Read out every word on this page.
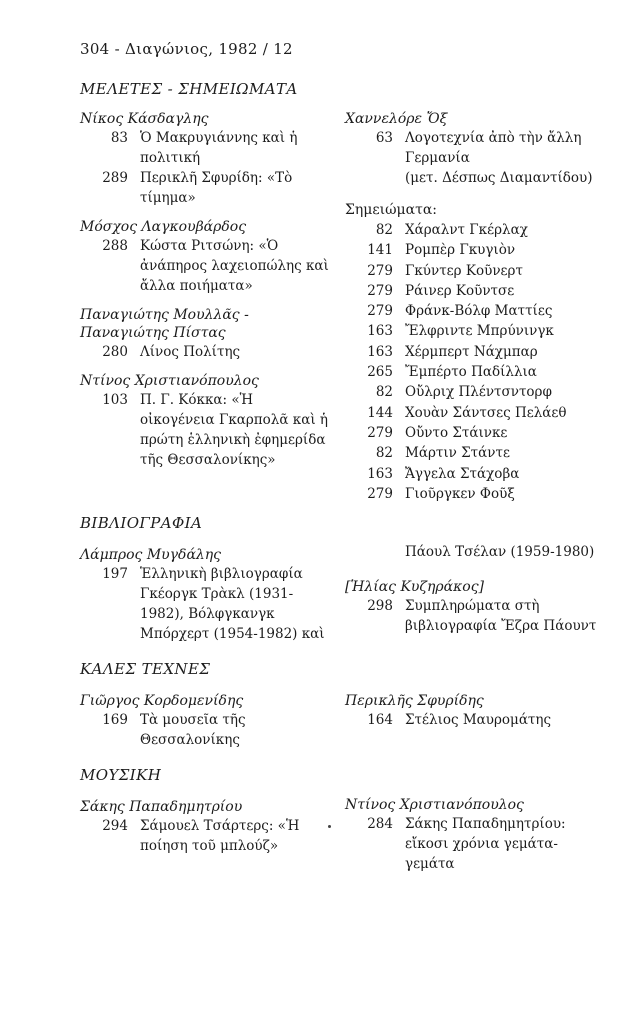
304 - Διαγώνιος, 1982 / 12
ΜΕΛΕΤΕΣ - ΣΗΜΕΙΩΜΑΤΑ
Νίκος Κάσδαγλης
83 Ὁ Μακρυγιάννης καὶ ἡ πολιτική
289 Περικλῆ Σφυρίδη: «Τὸ τίμημα»
Μόσχος Λαγκουβάρδος
288 Κώστα Ριτσώνη: «Ὁ ἀνάπηρος λαχειοπώλης καὶ ἄλλα ποιήματα»
Παναγιώτης Μουλλᾶς - Παναγιώτης Πίστας
280 Λίνος Πολίτης
Ντίνος Χριστιανόπουλος
103 Π. Γ. Κόκκα: «Ἡ οἰκογένεια Γκαρπολᾶ καὶ ἡ πρώτη ἑλληνικὴ ἐφημερίδα τῆς Θεσσαλονίκης»
Χαννελόρε Ὄξ
63 Λογοτεχνία ἀπὸ τὴν ἄλλη Γερμανία
(μετ. Δέσπως Διαμαντίδου)
Σημειώματα:
82 Χάραλντ Γκέρλαχ
141 Ρομπὲρ Γκυγιὸν
279 Γκύντερ Κοῦνερτ
279 Ράινερ Κοῦντσε
279 Φράνκ-Βόλφ Ματτίες
163 Ἔλφριντε Μπρύνινγκ
163 Χέρμπερτ Νάχμπαρ
265 Ἔμπέρτο Παδίλλια
82 Οὔλριχ Πλέντσντορφ
144 Χουὰν Σάντσες Πελάεθ
279 Οὔντο Στάινκε
82 Μάρτιν Στάντε
163 Ἄγγελα Στάχοβα
279 Γιοῦργκεν Φοῦξ
ΒΙΒΛΙΟΓΡΑΦΙΑ
Λάμπρος Μυγδάλης
197 Ἑλληνικὴ βιβλιογραφία Γκέοργκ Τρὰκλ (1931-1982), Βόλφγκανγκ Μπόρχερτ (1954-1982) καὶ
Πάουλ Τσέλαν (1959-1980)
[Ἡλίας Κυζηράκος]
298 Συμπληρώματα στὴ βιβλιογραφία Ἔζρα Πάουντ
ΚΑΛΕΣ ΤΕΧΝΕΣ
Γιῶργος Κορδομενίδης
169 Τὰ μουσεῖα τῆς Θεσσαλονίκης
Περικλῆς Σφυρίδης
164 Στέλιος Μαυρομάτης
ΜΟΥΣΙΚΗ
Σάκης Παπαδημητρίου
294 Σάμουελ Τσάρτερς: «Ἡ ποίηση τοῦ μπλούζ»
Ντίνος Χριστιανόπουλος
284 Σάκης Παπαδημητρίου: εἴκοσι χρόνια γεμάτα-γεμάτα
